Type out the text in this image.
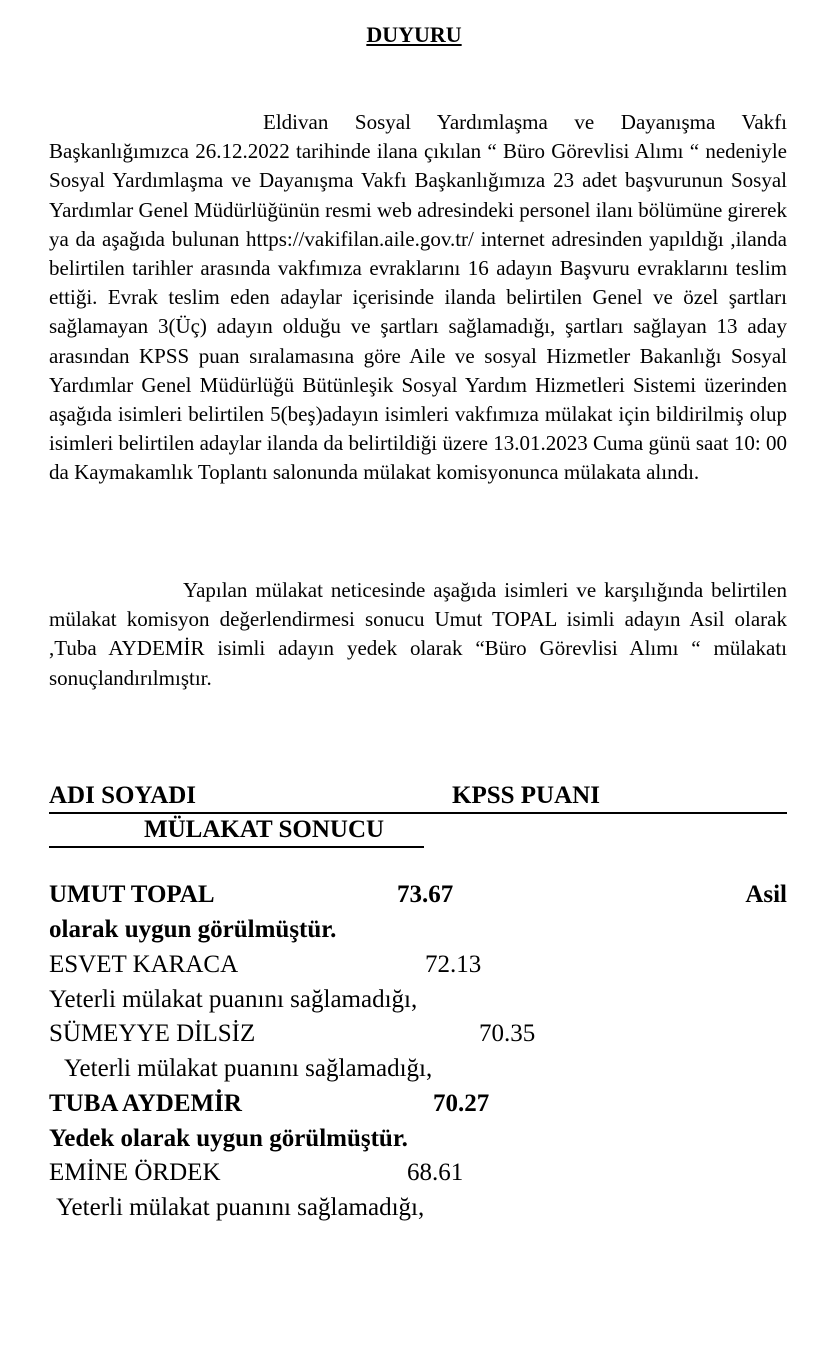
DUYURU

Eldivan Sosyal Yardımlaşma ve Dayanışma Vakfı Başkanlığımızca 26.12.2022 tarihinde ilana çıkılan “ Büro Görevlisi Alımı “ nedeniyle Sosyal Yardımlaşma ve Dayanışma Vakfı Başkanlığımıza 23 adet başvurunun Sosyal Yardımlar Genel Müdürlüğünün resmi web adresindeki personel ilanı bölümüne girerek ya da aşağıda bulunan https://vakifilan.aile.gov.tr/ internet adresinden yapıldığı ,ilanda belirtilen tarihler arasında vakfımıza evraklarını 16 adayın Başvuru evraklarını teslim ettiği. Evrak teslim eden adaylar içerisinde ilanda belirtilen Genel ve özel şartları sağlamayan 3(Üç) adayın olduğu ve şartları sağlamadığı, şartları sağlayan 13 aday arasından KPSS puan sıralamasına göre Aile ve sosyal Hizmetler Bakanlığı Sosyal Yardımlar Genel Müdürlüğü Bütünleşik Sosyal Yardım Hizmetleri Sistemi üzerinden aşağıda isimleri belirtilen 5(beş)adayın isimleri vakfımıza mülakat için bildirilmiş olup isimleri belirtilen adaylar ilanda da belirtildiği üzere 13.01.2023 Cuma günü saat 10: 00 da Kaymakamlık Toplantı salonunda mülakat komisyonunca mülakata alındı.

Yapılan mülakat neticesinde aşağıda isimleri ve karşılığında belirtilen mülakat komisyon değerlendirmesi sonucu Umut TOPAL isimli adayın Asil olarak ,Tuba AYDEMİR isimli adayın yedek olarak “Büro Görevlisi Alımı “ mülakatı sonuçlandırılmıştır.

ADI SOYADI	KPSS PUANI
MÜLAKAT SONUCU
UMUT TOPAL	73.67	Asil
olarak uygun görülmüştür.
ESVET KARACA	72.13
Yeterli mülakat puanını sağlamadığı,
SÜMEYYE DİLSİZ	70.35
Yeterli mülakat puanını sağlamadığı,
TUBA AYDEMİR	70.27
Yedek olarak uygun görülmüştür.
EMİNE ÖRDEK	68.61
Yeterli mülakat puanını sağlamadığı,
